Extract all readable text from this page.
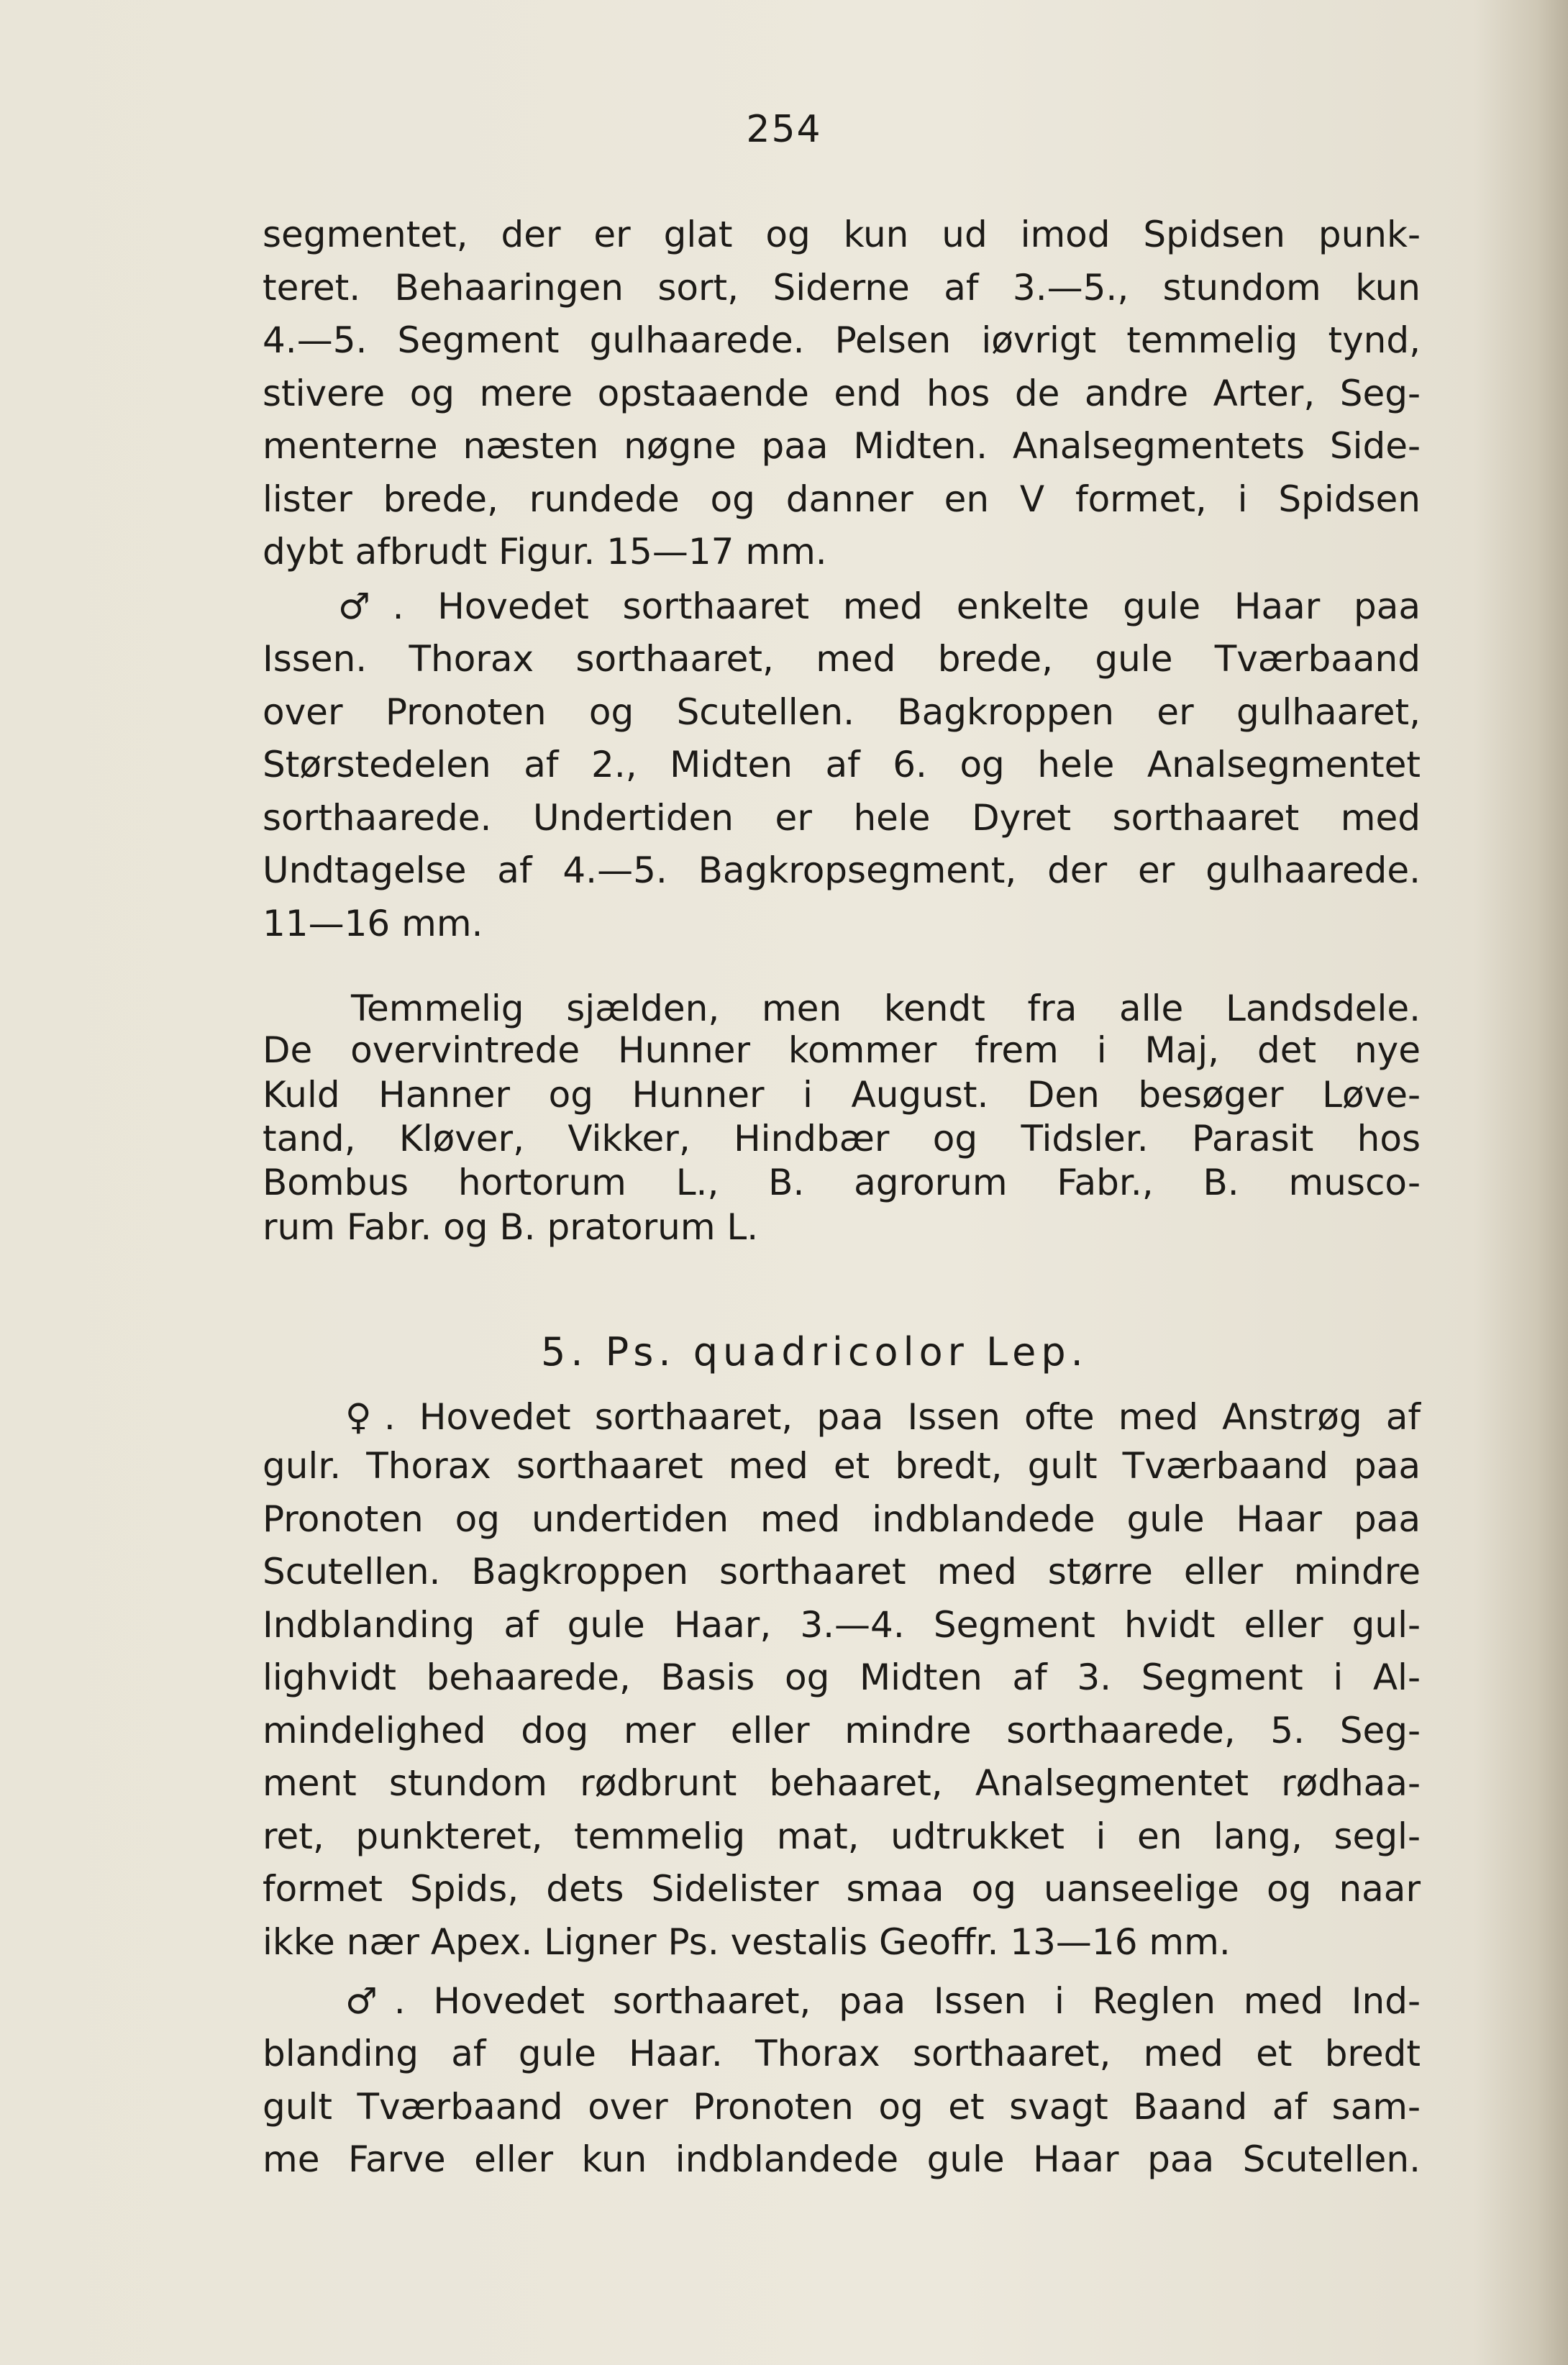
254
segmentet, der er glat og kun ud imod Spidsen punk-
teret. Behaaringen sort, Siderne af 3.—5., stundom kun
4.—5. Segment gulhaarede. Pelsen iøvrigt temmelig tynd,
stivere og mere opstaaende end hos de andre Arter, Seg-
menterne næsten nøgne paa Midten. Analsegmentets Side-
lister brede, rundede og danner en V formet, i Spidsen
dybt afbrudt Figur. 15—17 mm.
♂. Hovedet sorthaaret med enkelte gule Haar paa
Issen. Thorax sorthaaret, med brede, gule Tværbaand
over Pronoten og Scutellen. Bagkroppen er gulhaaret,
Størstedelen af 2., Midten af 6. og hele Analsegmentet
sorthaarede. Undertiden er hele Dyret sorthaaret med
Undtagelse af 4.—5. Bagkropsegment, der er gulhaarede.
11—16 mm.
Temmelig sjælden, men kendt fra alle Landsdele.
De overvintrede Hunner kommer frem i Maj, det nye
Kuld Hanner og Hunner i August. Den besøger Løve-
tand, Kløver, Vikker, Hindbær og Tidsler. Parasit hos
Bombus hortorum L., B. agrorum Fabr., B. musco-
rum Fabr. og B. pratorum L.
5. Ps. quadricolor Lep.
♀. Hovedet sorthaaret, paa Issen ofte med Anstrøg af
gulr. Thorax sorthaaret med et bredt, gult Tværbaand paa
Pronoten og undertiden med indblandede gule Haar paa
Scutellen. Bagkroppen sorthaaret med større eller mindre
Indblanding af gule Haar, 3.—4. Segment hvidt eller gul-
lighvidt behaarede, Basis og Midten af 3. Segment i Al-
mindelighed dog mer eller mindre sorthaarede, 5. Seg-
ment stundom rødbrunt behaaret, Analsegmentet rødhaa-
ret, punkteret, temmelig mat, udtrukket i en lang, segl-
formet Spids, dets Sidelister smaa og uanseelige og naar
ikke nær Apex. Ligner Ps. vestalis Geoffr. 13—16 mm.
♂. Hovedet sorthaaret, paa Issen i Reglen med Ind-
blanding af gule Haar. Thorax sorthaaret, med et bredt
gult Tværbaand over Pronoten og et svagt Baand af sam-
me Farve eller kun indblandede gule Haar paa Scutellen.
